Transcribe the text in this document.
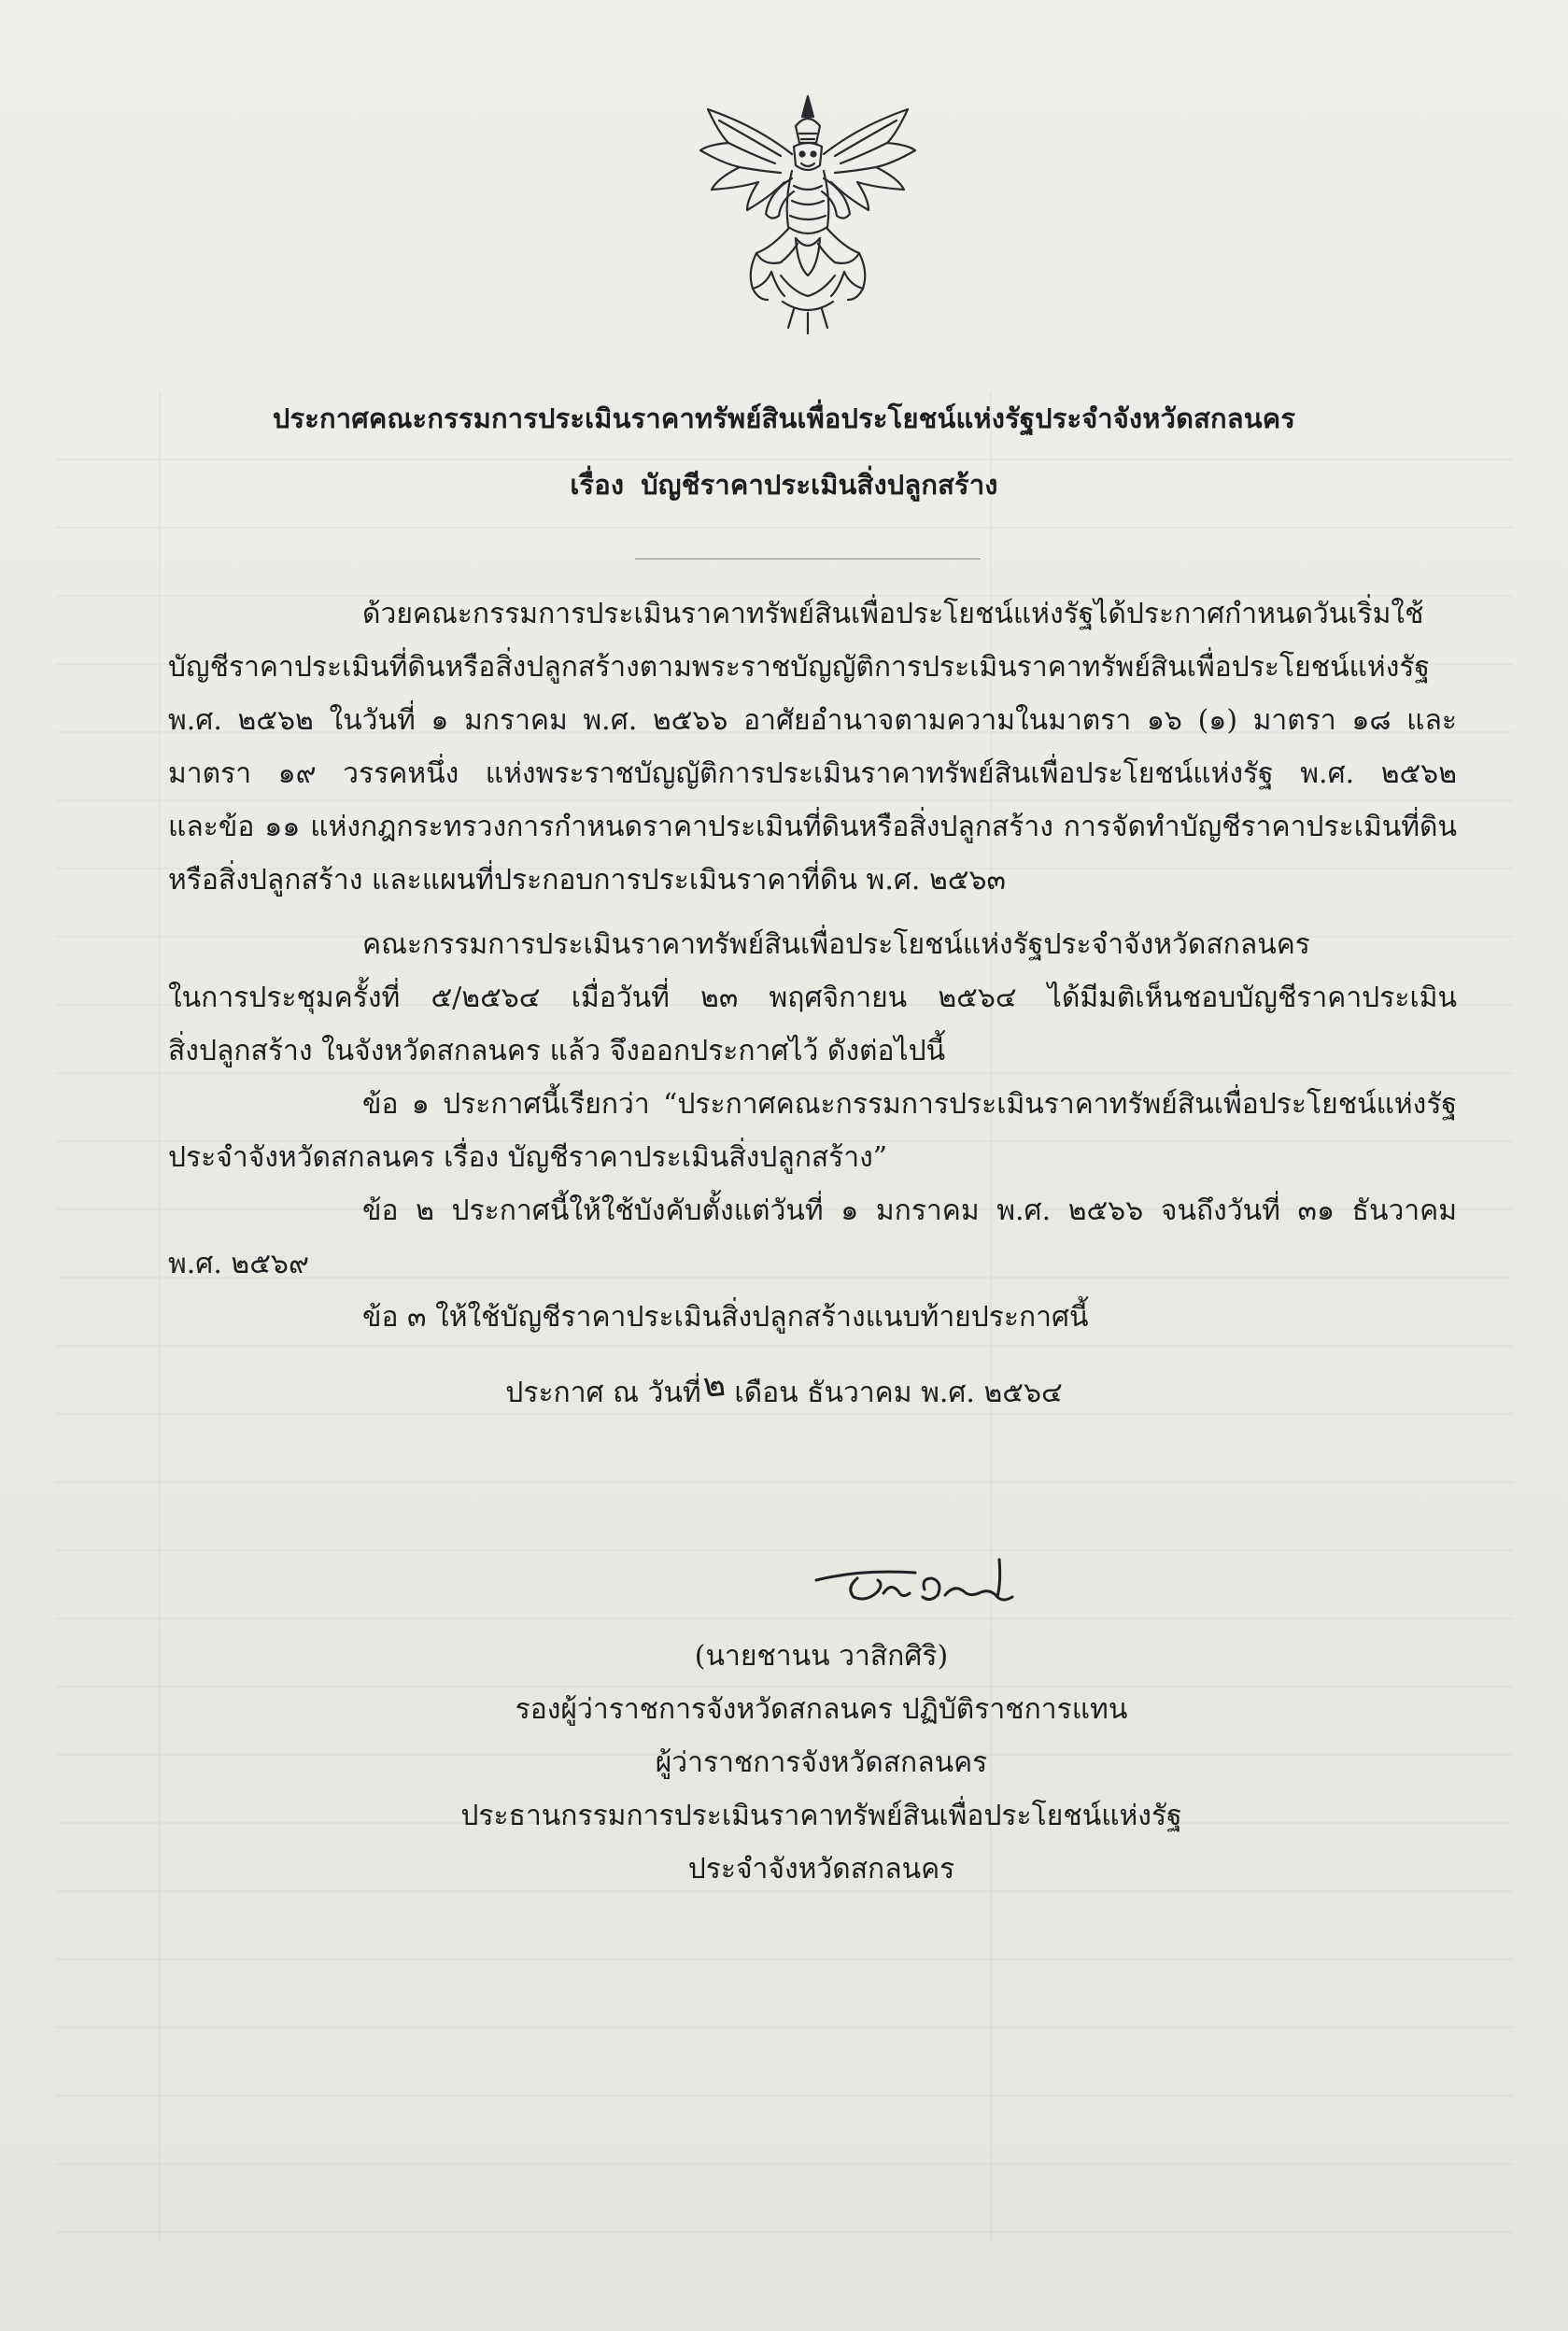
ประกาศคณะกรรมการประเมินราคาทรัพย์สินเพื่อประโยชน์แห่งรัฐประจำจังหวัดสกลนคร
เรื่อง บัญชีราคาประเมินสิ่งปลูกสร้าง
ด้วยคณะกรรมการประเมินราคาทรัพย์สินเพื่อประโยชน์แห่งรัฐได้ประกาศกำหนดวันเริ่มใช้
บัญชีราคาประเมินที่ดินหรือสิ่งปลูกสร้างตามพระราชบัญญัติการประเมินราคาทรัพย์สินเพื่อประโยชน์แห่งรัฐ
พ.ศ. ๒๕๖๒ ในวันที่ ๑ มกราคม พ.ศ. ๒๕๖๖ อาศัยอำนาจตามความในมาตรา ๑๖ (๑) มาตรา ๑๘ และ
มาตรา ๑๙ วรรคหนึ่ง แห่งพระราชบัญญัติการประเมินราคาทรัพย์สินเพื่อประโยชน์แห่งรัฐ พ.ศ. ๒๕๖๒
และข้อ ๑๑ แห่งกฎกระทรวงการกำหนดราคาประเมินที่ดินหรือสิ่งปลูกสร้าง การจัดทำบัญชีราคาประเมินที่ดิน
หรือสิ่งปลูกสร้าง และแผนที่ประกอบการประเมินราคาที่ดิน พ.ศ. ๒๕๖๓
คณะกรรมการประเมินราคาทรัพย์สินเพื่อประโยชน์แห่งรัฐประจำจังหวัดสกลนคร
ในการประชุมครั้งที่ ๕/๒๕๖๔ เมื่อวันที่ ๒๓ พฤศจิกายน ๒๕๖๔ ได้มีมติเห็นชอบบัญชีราคาประเมิน
สิ่งปลูกสร้าง ในจังหวัดสกลนคร แล้ว จึงออกประกาศไว้ ดังต่อไปนี้
ข้อ ๑ ประกาศนี้เรียกว่า “ประกาศคณะกรรมการประเมินราคาทรัพย์สินเพื่อประโยชน์แห่งรัฐ
ประจำจังหวัดสกลนคร เรื่อง บัญชีราคาประเมินสิ่งปลูกสร้าง”
ข้อ ๒ ประกาศนี้ให้ใช้บังคับตั้งแต่วันที่ ๑ มกราคม พ.ศ. ๒๕๖๖ จนถึงวันที่ ๓๑ ธันวาคม
พ.ศ. ๒๕๖๙
ข้อ ๓ ให้ใช้บัญชีราคาประเมินสิ่งปลูกสร้างแนบท้ายประกาศนี้
ประกาศ ณ วันที่๒ เดือน ธันวาคม พ.ศ. ๒๕๖๔
(นายชานน วาสิกศิริ)
รองผู้ว่าราชการจังหวัดสกลนคร ปฏิบัติราชการแทน
ผู้ว่าราชการจังหวัดสกลนคร
ประธานกรรมการประเมินราคาทรัพย์สินเพื่อประโยชน์แห่งรัฐ
ประจำจังหวัดสกลนคร
